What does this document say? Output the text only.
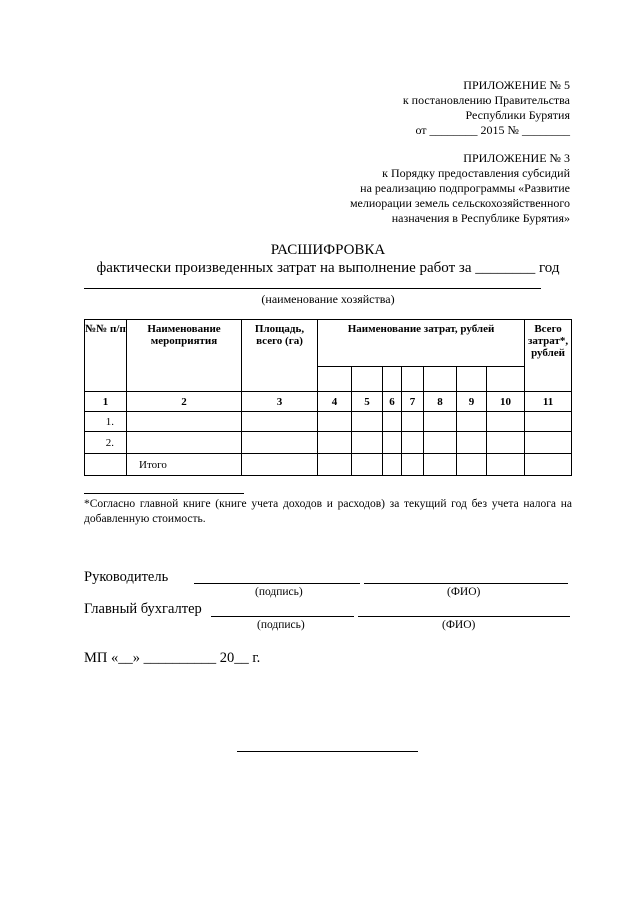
ПРИЛОЖЕНИЕ № 5
к постановлению Правительства
Республики Бурятия
от ________ 2015 № ________
ПРИЛОЖЕНИЕ № 3
к Порядку предоставления субсидий
на реализацию подпрограммы «Развитие
мелиорации земель сельскохозяйственного
назначения в Республике Бурятия»
РАСШИФРОВКА
фактически произведенных затрат на выполнение работ за ________ год
(наименование хозяйства)
№№ п/п	Наименование мероприятия	Площадь, всего (га)	Наименование затрат, рублей							Всего затрат*, рублей

1	2	3	4	5	6	7	8	9	10	11
1.										
2.										
	Итого									
*Согласно главной книге (книге учета доходов и расходов) за текущий год без учета налога на добавленную стоимость.
Руководитель
(подпись)	(ФИО)
Главный бухгалтер
(подпись)	(ФИО)
МП «__» __________ 20__ г.
